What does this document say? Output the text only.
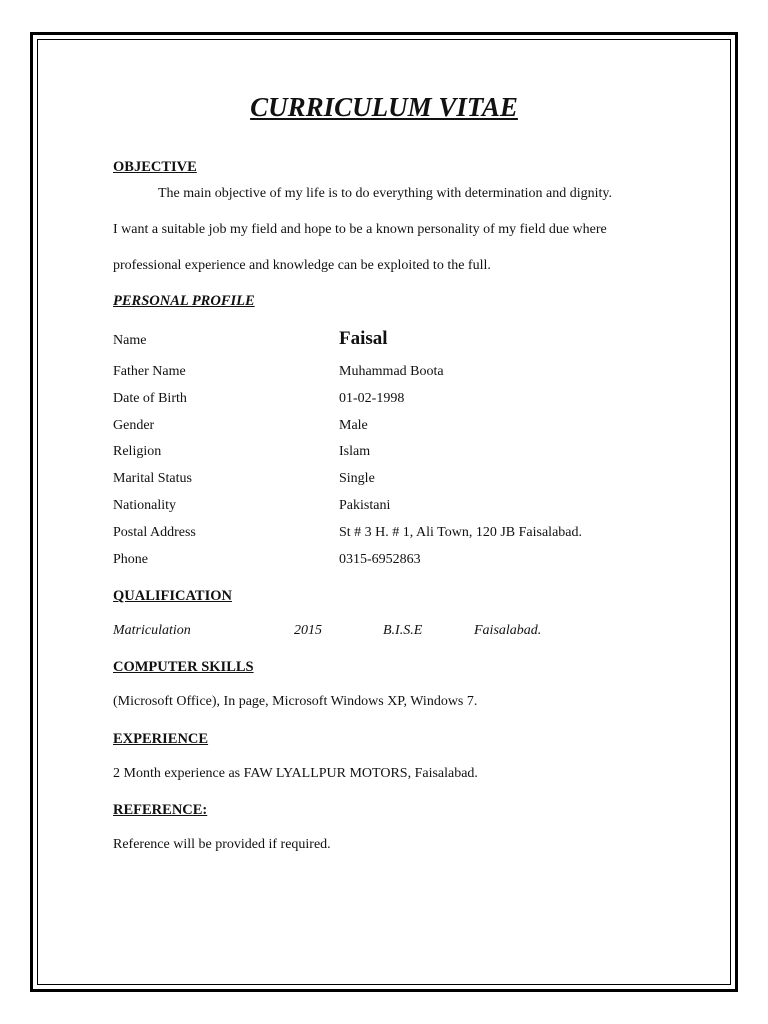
CURRICULUM VITAE
OBJECTIVE
The main objective of my life is to do everything with determination and dignity.
I want a suitable job my field and hope to be a known personality of my field due where
professional experience and knowledge can be exploited to the full.
PERSONAL PROFILE
Name	Faisal
Father Name	Muhammad Boota
Date of Birth	01-02-1998
Gender	Male
Religion	Islam
Marital Status	Single
Nationality	Pakistani
Postal Address	St # 3 H. # 1, Ali Town, 120 JB Faisalabad.
Phone	0315-6952863
QUALIFICATION
Matriculation	2015	B.I.S.E	Faisalabad.
COMPUTER SKILLS
(Microsoft Office), In page, Microsoft Windows XP, Windows 7.
EXPERIENCE
2 Month experience as FAW LYALLPUR MOTORS, Faisalabad.
REFERENCE:
Reference will be provided if required.
